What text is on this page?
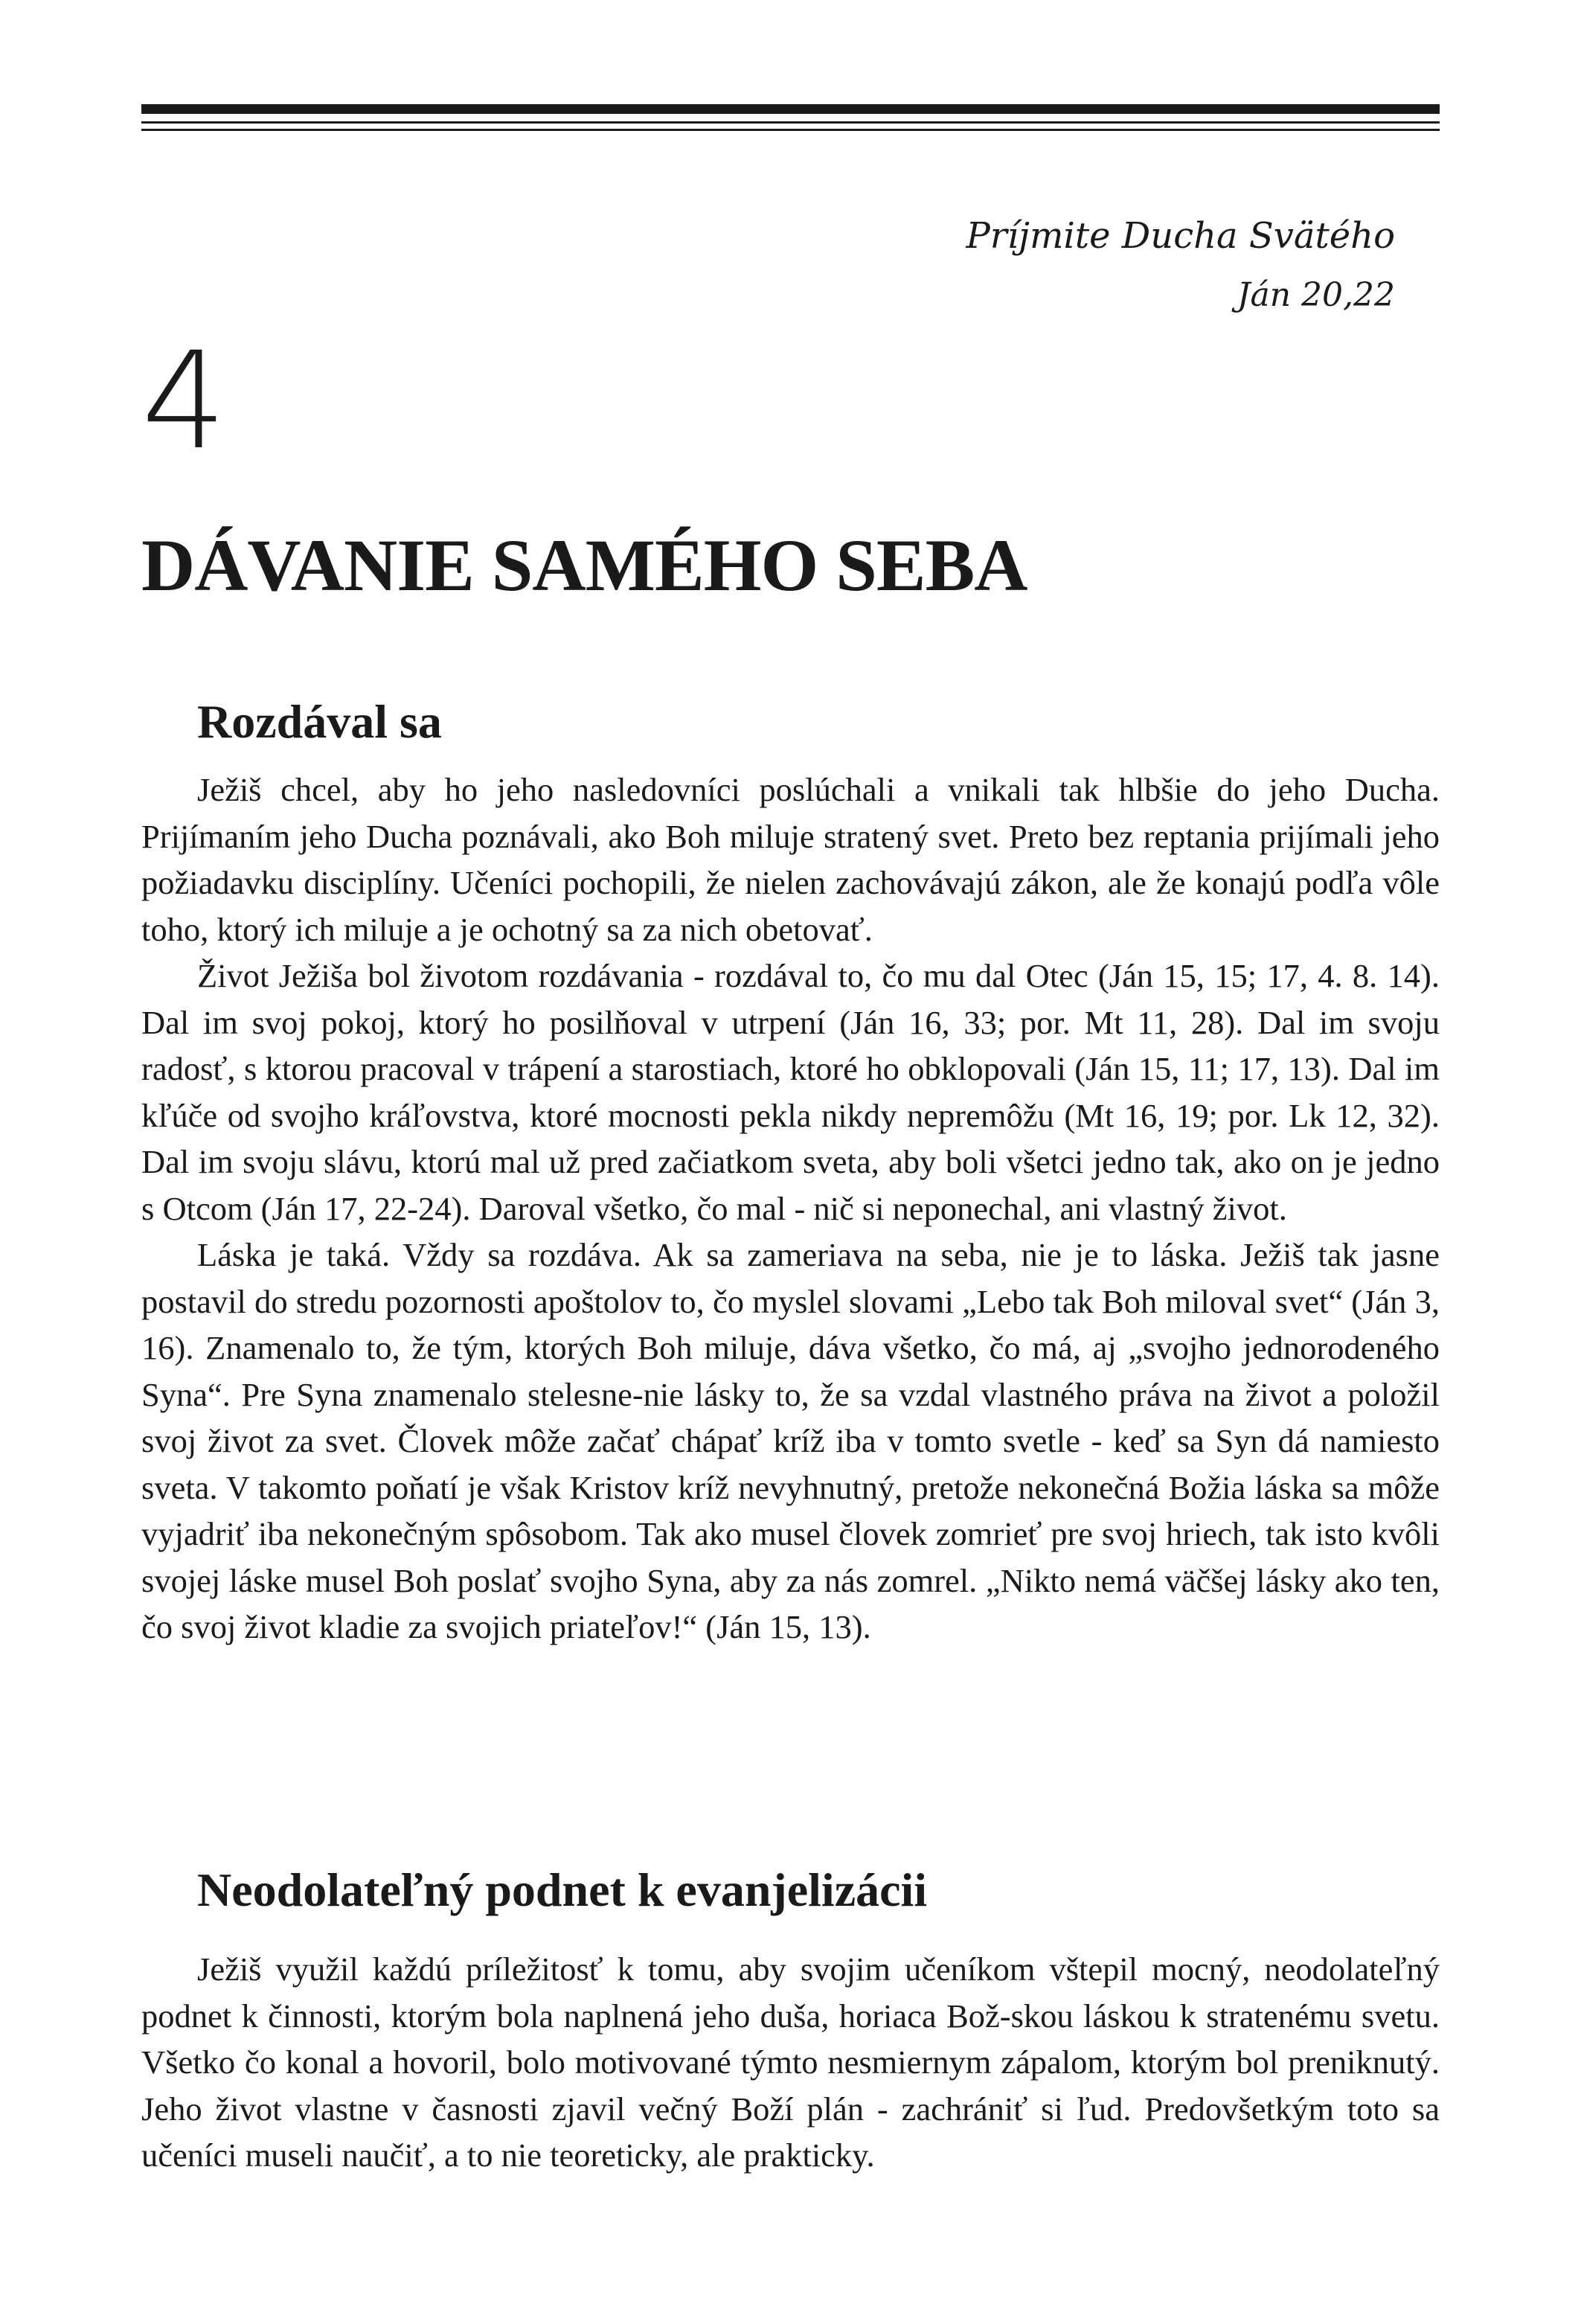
Príjmite Ducha Svätého
Ján 20,22
4
DÁVANIE SAMÉHO SEBA
Rozdával sa

Ježiš chcel, aby ho jeho nasledovníci poslúchali a vnikali tak hlbšie do jeho Ducha. Prijímaním jeho Ducha poznávali, ako Boh miluje stratený svet. Preto bez reptania prijímali jeho požiadavku disciplíny. Učeníci pochopili, že nielen zachovávajú zákon, ale že konajú podľa vôle toho, ktorý ich miluje a je ochotný sa za nich obetovať.

Život Ježiša bol životom rozdávania - rozdával to, čo mu dal Otec (Ján 15, 15; 17, 4. 8. 14). Dal im svoj pokoj, ktorý ho posilňoval v utrpení (Ján 16, 33; por. Mt 11, 28). Dal im svoju radosť, s ktorou pracoval v trápení a starostiach, ktoré ho obklopovali (Ján 15, 11; 17, 13). Dal im kľúče od svojho kráľovstva, ktoré mocnosti pekla nikdy nepremôžu (Mt 16, 19; por. Lk 12, 32). Dal im svoju slávu, ktorú mal už pred začiatkom sveta, aby boli všetci jedno tak, ako on je jedno s Otcom (Ján 17, 22-24). Daroval všetko, čo mal - nič si neponechal, ani vlastný život.

Láska je taká. Vždy sa rozdáva. Ak sa zameriava na seba, nie je to láska. Ježiš tak jasne postavil do stredu pozornosti apoštolov to, čo myslel slovami „Lebo tak Boh miloval svet“ (Ján 3, 16). Znamenalo to, že tým, ktorých Boh miluje, dáva všetko, čo má, aj „svojho jednorodeného Syna“. Pre Syna znamenalo stelesne-nie lásky to, že sa vzdal vlastného práva na život a položil svoj život za svet. Človek môže začať chápať kríž iba v tomto svetle - keď sa Syn dá namiesto sveta. V takomto poňatí je však Kristov kríž nevyhnutný, pretože nekonečná Božia láska sa môže vyjadriť iba nekonečným spôsobom. Tak ako musel človek zomrieť pre svoj hriech, tak isto kvôli svojej láske musel Boh poslať svojho Syna, aby za nás zomrel. „Nikto nemá väčšej lásky ako ten, čo svoj život kladie za svojich priateľov!“ (Ján 15, 13).

Neodolateľný podnet k evanjelizácii

Ježiš využil každú príležitosť k tomu, aby svojim učeníkom vštepil mocný, neodolateľný podnet k činnosti, ktorým bola naplnená jeho duša, horiaca Bož-skou láskou k stratenému svetu. Všetko čo konal a hovoril, bolo motivované týmto nesmiernym zápalom, ktorým bol preniknutý. Jeho život vlastne v časnosti zjavil večný Boží plán - zachrániť si ľud. Predovšetkým toto sa učeníci museli naučiť, a to nie teoreticky, ale prakticky.
